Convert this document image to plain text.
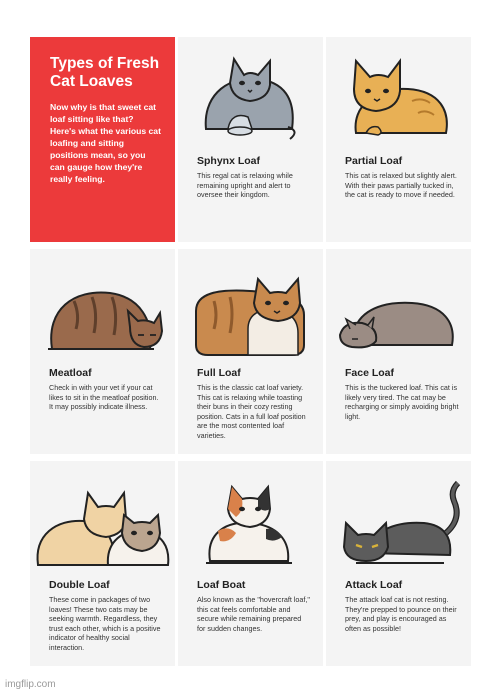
Types of Fresh Cat Loaves

Now why is that sweet cat loaf sitting like that? Here's what the various cat loafing and sitting positions mean, so you can gauge how they're really feeling.

Sphynx Loaf
This regal cat is relaxing while remaining upright and alert to oversee their kingdom.
Partial Loaf
This cat is relaxed but slightly alert. With their paws partially tucked in, the cat is ready to move if needed.
Meatloaf
Check in with your vet if your cat likes to sit in the meatloaf position. It may possibly indicate illness.
Full Loaf
This is the classic cat loaf variety. This cat is relaxing while toasting their buns in their cozy resting position. Cats in a full loaf position are the most contented loaf varieties.
Face Loaf
This is the tuckered loaf. This cat is likely very tired. The cat may be recharging or simply avoiding bright light.
Double Loaf
These come in packages of two loaves! These two cats may be seeking warmth. Regardless, they trust each other, which is a positive indicator of healthy social interaction.
Loaf Boat
Also known as the "hovercraft loaf," this cat feels comfortable and secure while remaining prepared for sudden changes.
Attack Loaf
The attack loaf cat is not resting. They're prepped to pounce on their prey, and play is encouraged as often as possible!
imgflip.com
